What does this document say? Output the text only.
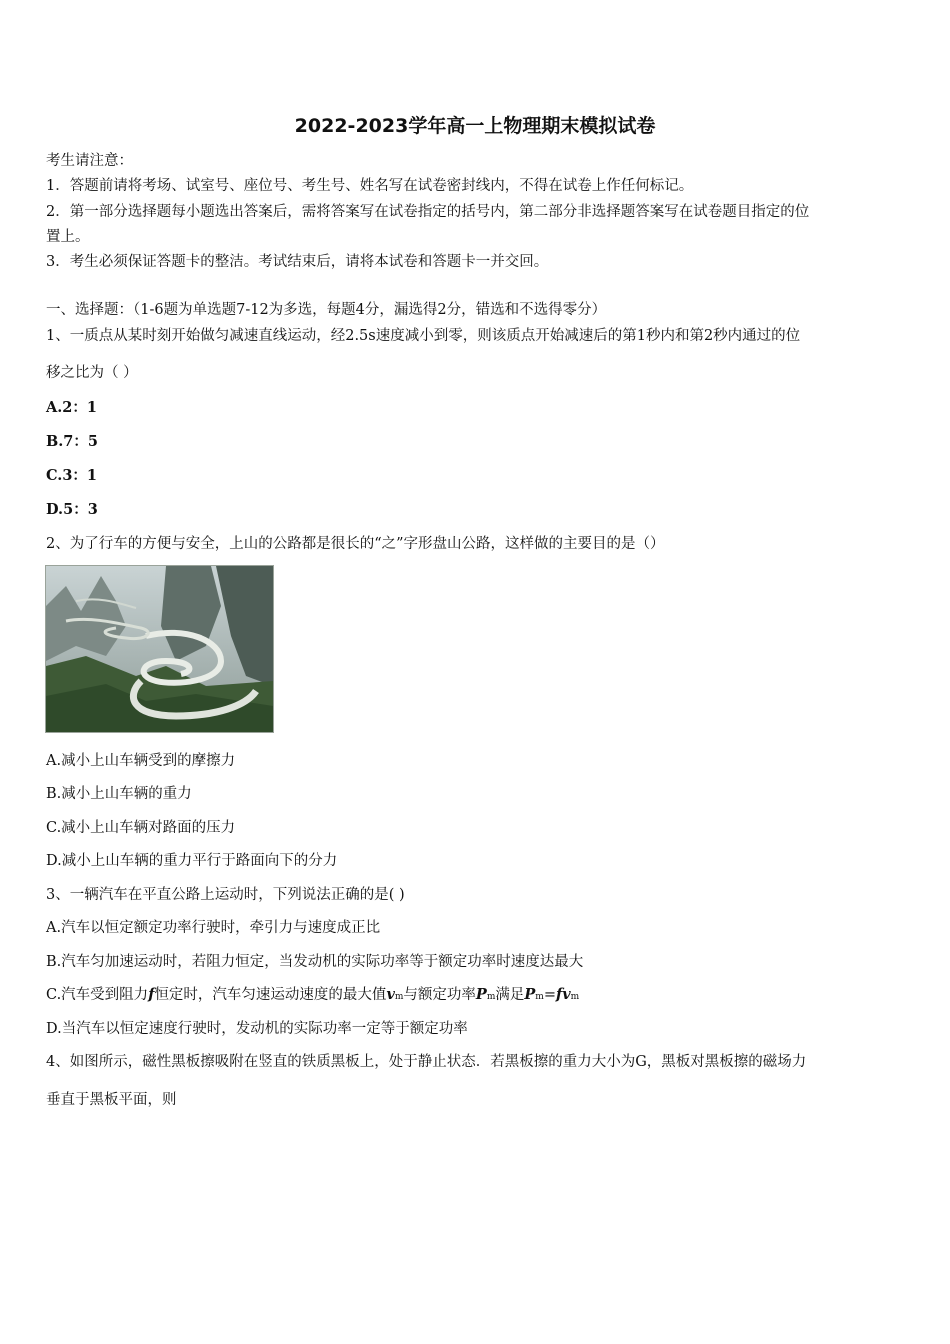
2022-2023学年高一上物理期末模拟试卷
考生请注意：
1．答题前请将考场、试室号、座位号、考生号、姓名写在试卷密封线内，不得在试卷上作任何标记。
2．第一部分选择题每小题选出答案后，需将答案写在试卷指定的括号内，第二部分非选择题答案写在试卷题目指定的位
置上。
3．考生必须保证答题卡的整洁。考试结束后，请将本试卷和答题卡一并交回。
一、选择题：（1-6题为单选题7-12为多选，每题4分，漏选得2分，错选和不选得零分）
1、一质点从某时刻开始做匀减速直线运动，经2.5s速度减小到零，则该质点开始减速后的第1秒内和第2秒内通过的位
移之比为（ ）
A.2：1
B.7：5
C.3：1
D.5：3
2、为了行车的方便与安全，上山的公路都是很长的“之”字形盘山公路，这样做的主要目的是（）
A.减小上山车辆受到的摩擦力
B.减小上山车辆的重力
C.减小上山车辆对路面的压力
D.减小上山车辆的重力平行于路面向下的分力
3、一辆汽车在平直公路上运动时，下列说法正确的是( )
A.汽车以恒定额定功率行驶时，牵引力与速度成正比
B.汽车匀加速运动时，若阻力恒定，当发动机的实际功率等于额定功率时速度达最大
C.汽车受到阻力f恒定时，汽车匀速运动速度的最大值vm与额定功率Pm满足Pm=fvm
D.当汽车以恒定速度行驶时，发动机的实际功率一定等于额定功率
4、如图所示，磁性黑板擦吸附在竖直的铁质黑板上，处于静止状态．若黑板擦的重力大小为G，黑板对黑板擦的磁场力
垂直于黑板平面，则
